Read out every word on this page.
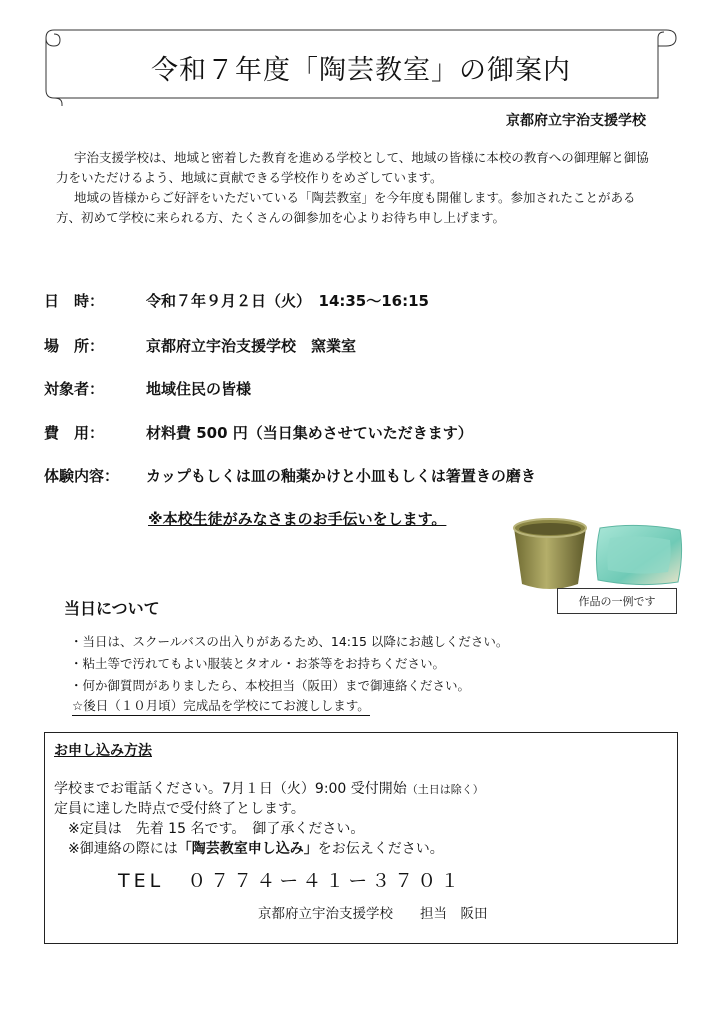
令和７年度「陶芸教室」の御案内
京都府立宇治支援学校
宇治支援学校は、地域と密着した教育を進める学校として、地域の皆様に本校の教育への御理解と御協力をいただけるよう、地域に貢献できる学校作りをめざしています。
地域の皆様からご好評をいただいている「陶芸教室」を今年度も開催します。参加されたことがある方、初めて学校に来られる方、たくさんの御参加を心よりお待ち申し上げます。
日　時：	令和７年９月２日（火）　14:35〜16:15
場　所：	京都府立宇治支援学校　窯業室
対象者：	地域住民の皆様
費　用：	材料費 500 円（当日集めさせていただきます）
体験内容： カップもしくは皿の釉薬かけと小皿もしくは箸置きの磨き
※本校生徒がみなさまのお手伝いをします。
作品の一例です
当日について
・当日は、スクールバスの出入りがあるため、14:15 以降にお越しください。
・粘土等で汚れてもよい服装とタオル・お茶等をお持ちください。
・何か御質問がありましたら、本校担当（阪田）まで御連絡ください。
☆後日（１０月頃）完成品を学校にてお渡しします。
お申し込み方法
学校までお電話ください。7月１日（火）9:00 受付開始（土日は除く）
定員に達した時点で受付終了とします。
※定員は　先着 15 名です。　御了承ください。
※御連絡の際には「陶芸教室申し込み」をお伝えください。
TEL　０７７４ー４１ー３７０１
京都府立宇治支援学校　　担当　阪田
